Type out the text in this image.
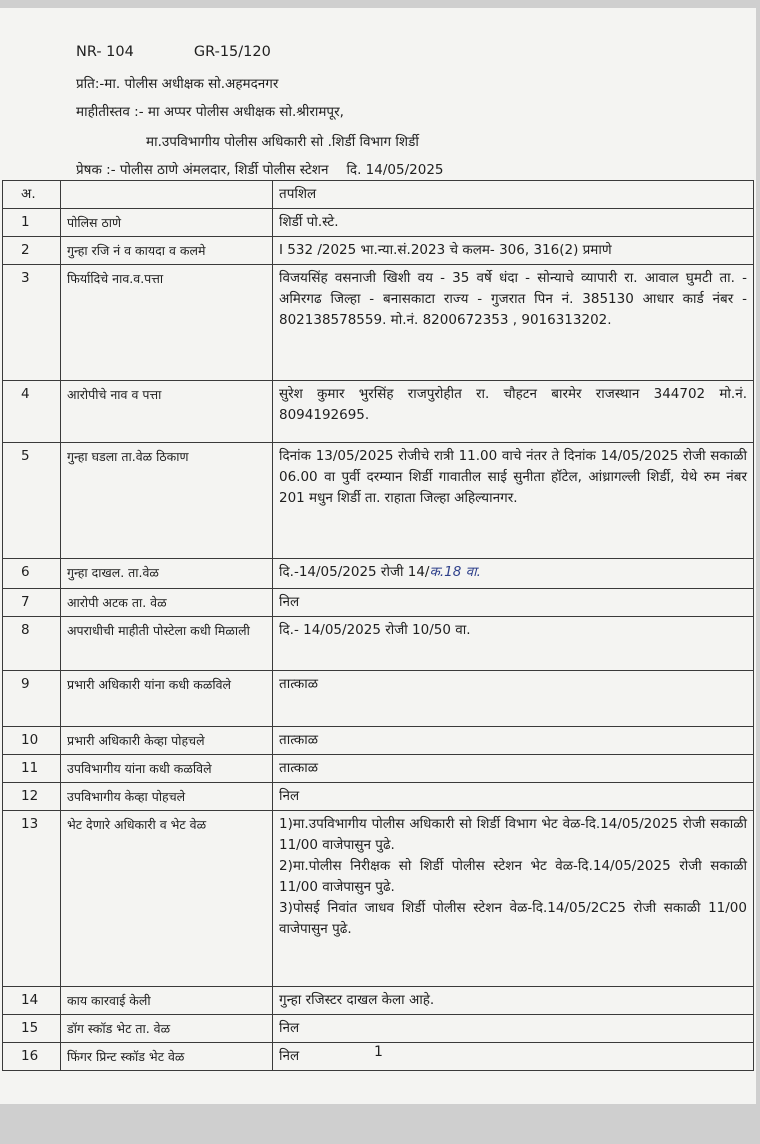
NR- 104	GR-15/120
प्रति:-मा. पोलीस अधीक्षक सो.अहमदनगर
माहीतीस्तव :- मा अप्पर पोलीस अधीक्षक सो.श्रीरामपूर,
मा.उपविभागीय पोलीस अधिकारी सो .शिर्डी विभाग शिर्डी
प्रेषक :- पोलीस ठाणे अंमलदार, शिर्डी पोलीस स्टेशन दि. 14/05/2025
अ.		तपशिल
1	पोलिस ठाणे	शिर्डी पो.स्टे.
2	गुन्हा रजि नं व कायदा व कलमे	I 532 /2025 भा.न्या.सं.2023 चे कलम- 306, 316(2) प्रमाणे
3	फिर्यादिचे नाव.व.पत्ता	विजयसिंह वसनाजी खिशी वय - 35 वर्षे धंदा - सोन्याचे व्यापारी रा. आवाल घुमटी ता. - अमिरगढ जिल्हा - बनासकाटा राज्य - गुजरात पिन नं. 385130 आधार कार्ड नंबर - 802138578559. मो.नं. 8200672353 , 9016313202.
4	आरोपीचे नाव व पत्ता	सुरेश कुमार भुरसिंह राजपुरोहीत रा. चौहटन बारमेर राजस्थान 344702 मो.नं. 8094192695.
5	गुन्हा घडला ता.वेळ ठिकाण	दिनांक 13/05/2025 रोजीचे रात्री 11.00 वाचे नंतर ते दिनांक 14/05/2025 रोजी सकाळी 06.00 वा पुर्वी दरम्यान शिर्डी गावातील साई सुनीता हॉटेल, आंध्रागल्ली शिर्डी, येथे रुम नंबर 201 मधुन शिर्डी ता. राहाता जिल्हा अहिल्यानगर.
6	गुन्हा दाखल. ता.वेळ	दि.-14/05/2025 रोजी 14/क.18 वा.
7	आरोपी अटक ता. वेळ	निल
8	अपराधीची माहीती पोस्टेला कधी मिळाली	दि.- 14/05/2025 रोजी 10/50 वा.
9	प्रभारी अधिकारी यांना कधी कळविले	तात्काळ
10	प्रभारी अधिकारी केव्हा पोहचले	तात्काळ
11	उपविभागीय यांना कधी कळविले	तात्काळ
12	उपविभागीय केव्हा पोहचले	निल
13	भेट देणारे अधिकारी व भेट वेळ	1)मा.उपविभागीय पोलीस अधिकारी सो शिर्डी विभाग भेट वेळ-दि.14/05/2025 रोजी सकाळी 11/00 वाजेपासुन पुढे.
2)मा.पोलीस निरीक्षक सो शिर्डी पोलीस स्टेशन भेट वेळ-दि.14/05/2025 रोजी सकाळी 11/00 वाजेपासुन पुढे.
3)पोसई निवांत जाधव शिर्डी पोलीस स्टेशन वेळ-दि.14/05/2C25 रोजी सकाळी 11/00 वाजेपासुन पुढे.

14	काय कारवाई केली	गुन्हा रजिस्टर दाखल केला आहे.
15	डॉग स्कॉड भेट ता. वेळ	निल
16	फिंगर प्रिन्ट स्कॉड भेट वेळ	निल	1
